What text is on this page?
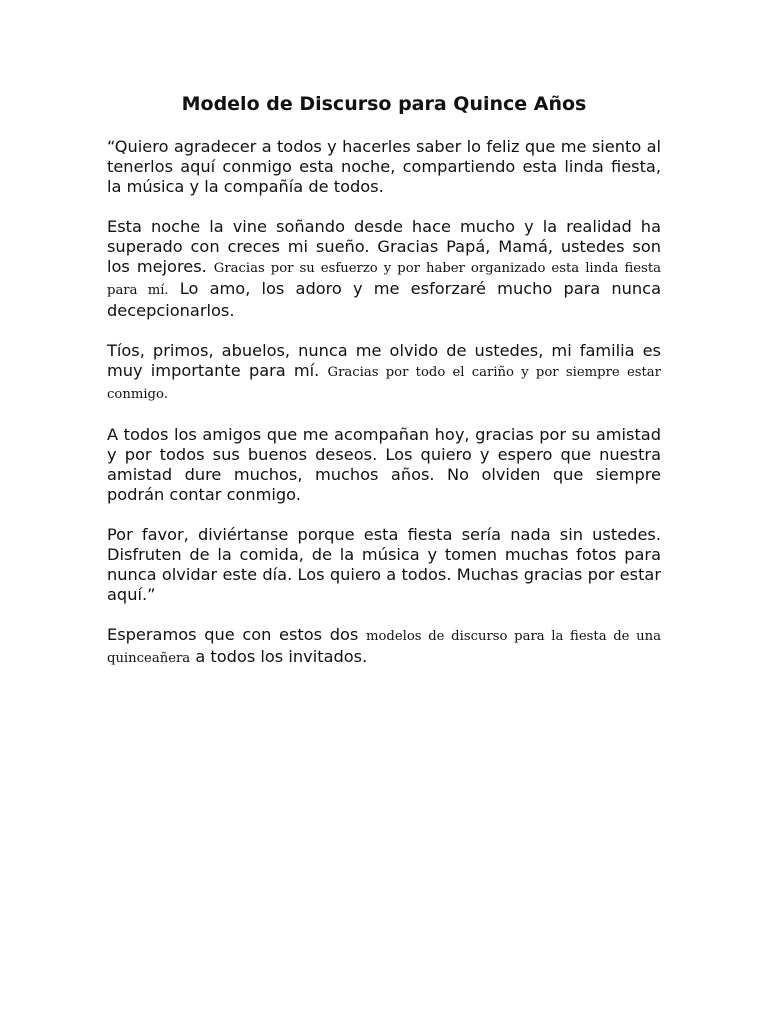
Modelo de Discurso para Quince Años

“Quiero agradecer a todos y hacerles saber lo feliz que me siento al tenerlos aquí conmigo esta noche, compartiendo esta linda fiesta, la música y la compañía de todos.

Esta noche la vine soñando desde hace mucho y la realidad ha superado con creces mi sueño. Gracias Papá, Mamá, ustedes son los mejores. Gracias por su esfuerzo y por haber organizado esta linda fiesta para mí. Lo amo, los adoro y me esforzaré mucho para nunca decepcionarlos.

Tíos, primos, abuelos, nunca me olvido de ustedes, mi familia es muy importante para mí. Gracias por todo el cariño y por siempre estar conmigo.

A todos los amigos que me acompañan hoy, gracias por su amistad y por todos sus buenos deseos. Los quiero y espero que nuestra amistad dure muchos, muchos años. No olviden que siempre podrán contar conmigo.

Por favor, diviértanse porque esta fiesta sería nada sin ustedes. Disfruten de la comida, de la música y tomen muchas fotos para nunca olvidar este día. Los quiero a todos. Muchas gracias por estar aquí.”

Esperamos que con estos dos modelos de discurso para la fiesta de una quinceañera a todos los invitados.
